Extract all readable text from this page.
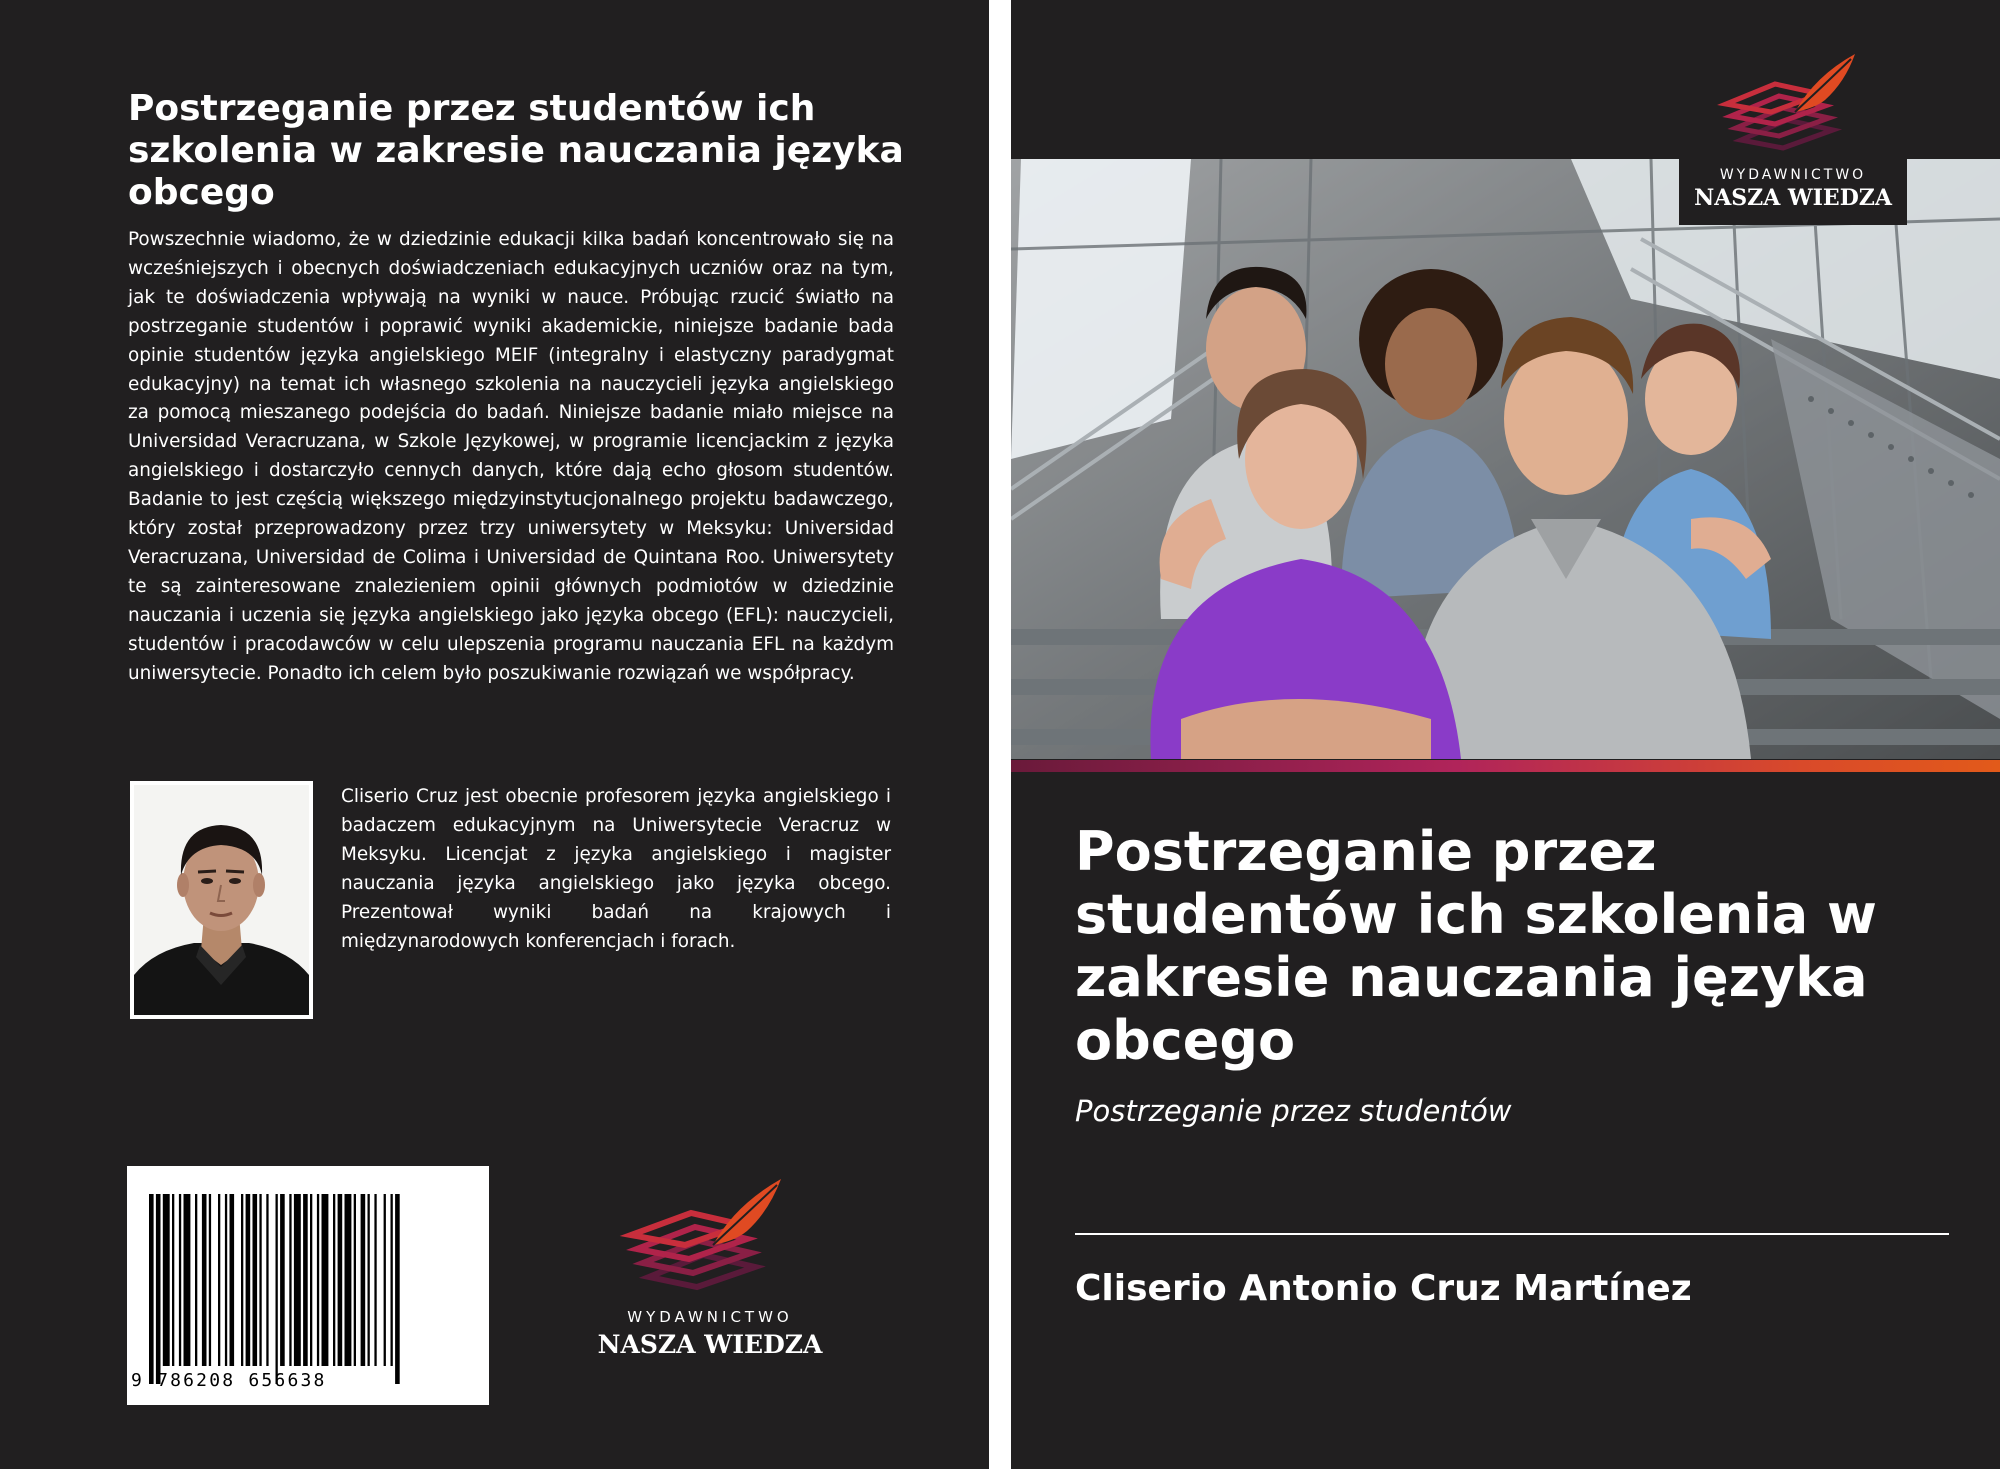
Postrzeganie przez studentów ich szkolenia w zakresie nauczania języka obcego

Powszechnie wiadomo, że w dziedzinie edukacji kilka badań koncentrowało się na wcześniejszych i obecnych doświadczeniach edukacyjnych uczniów oraz na tym, jak te doświadczenia wpływają na wyniki w nauce. Próbując rzucić światło na postrzeganie studentów i poprawić wyniki akademickie, niniejsze badanie bada opinie studentów języka angielskiego MEIF (integralny i elastyczny paradygmat edukacyjny) na temat ich własnego szkolenia na nauczycieli języka angielskiego za pomocą mieszanego podejścia do badań. Niniejsze badanie miało miejsce na Universidad Veracruzana, w Szkole Językowej, w programie licencjackim z języka angielskiego i dostarczyło cennych danych, które dają echo głosom studentów. Badanie to jest częścią większego międzyinstytucjonalnego projektu badawczego, który został przeprowadzony przez trzy uniwersytety w Meksyku: Universidad Veracruzana, Universidad de Colima i Universidad de Quintana Roo. Uniwersytety te są zainteresowane znalezieniem opinii głównych podmiotów w dziedzinie nauczania i uczenia się języka angielskiego jako języka obcego (EFL): nauczycieli, studentów i pracodawców w celu ulepszenia programu nauczania EFL na każdym uniwersytecie. Ponadto ich celem było poszukiwanie rozwiązań we współpracy.

Cliserio Cruz jest obecnie profesorem języka angielskiego i badaczem edukacyjnym na Uniwersytecie Veracruz w Meksyku. Licencjat z języka angielskiego i magister nauczania języka angielskiego jako języka obcego. Prezentował wyniki badań na krajowych i międzynarodowych konferencjach i forach.

9 786208 656638
WYDAWNICTWO
NASZA WIEDZA
WYDAWNICTWO
NASZA WIEDZA
Postrzeganie przez studentów ich szkolenia w zakresie nauczania języka obcego
Postrzeganie przez studentów
Cliserio Antonio Cruz Martínez
